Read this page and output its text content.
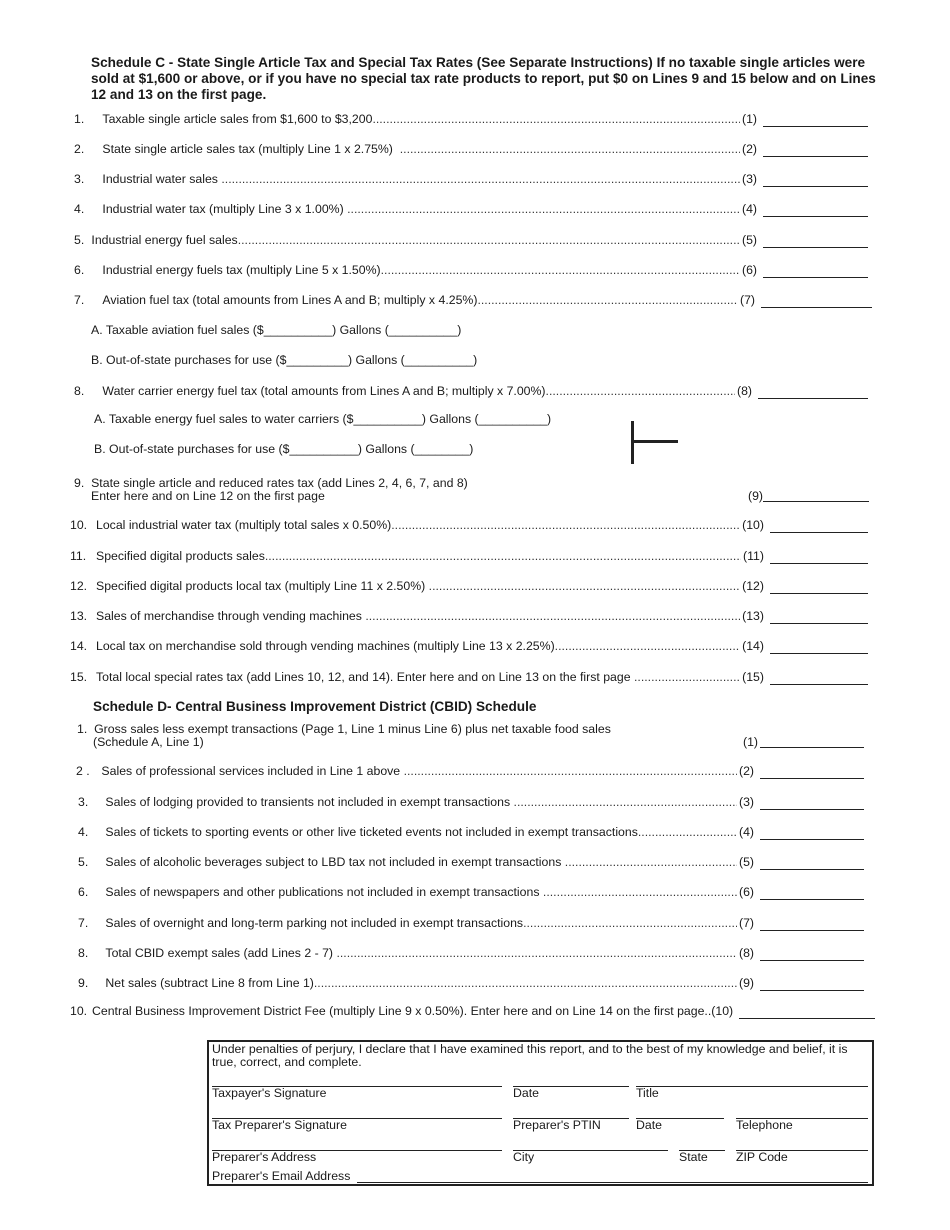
Schedule C - State Single Article Tax and Special Tax Rates (See Separate Instructions) If no taxable single articles were sold at $1,600 or above, or if you have no special tax rate products to report, put $0 on Lines 9 and 15 below and on Lines 12 and 13 on the first page.

1.
	Taxable single article sales from $1,600 to $3,200 .....	(1)
2.
	State single article sales tax (multiply Line 1 x 2.75%)
.....	(2)
3.
	Industrial water sales
.....	(3)
4.
	Industrial water tax (multiply Line 3 x 1.00%)
.....	(4)
5.
Industrial energy fuel sales .....	(5)
6.
	Industrial energy fuels tax (multiply Line 5 x 1.50%) .....	(6)
7.
	Aviation fuel tax (total amounts from Lines A and B; multiply x 4.25%) .....	(7)
A. Taxable aviation fuel sales ($__________) Gallons (__________)
B. Out-of-state purchases for use ($_________) Gallons (__________)
8.
	Water carrier energy fuel tax (total amounts from Lines A and B; multiply x 7.00%) .....	(8)
A. Taxable energy fuel sales to water carriers ($__________) Gallons (__________)
B. Out-of-state purchases for use ($__________) Gallons (________)
9. State single article and reduced rates tax (add Lines 2, 4, 6, 7, and 8)
Enter here and on Line 12 on the first page	(9)
10. Local industrial water tax (multiply total sales x 0.50%) .....	(10)
11. Specified digital products sales .....	(11)
12. Specified digital products local tax (multiply Line 11 x 2.50%)
.....	(12)
13. Sales of merchandise through vending machines
.....	(13)
14. Local tax on merchandise sold through vending machines (multiply Line 13 x 2.25%) .....	(14)
15. Total local special rates tax (add Lines 10, 12, and 14). Enter here and on Line 13 on the first page
.....	(15)

Schedule D- Central Business Improvement District (CBID) Schedule

1. Gross sales less exempt transactions (Page 1, Line 1 minus Line 6) plus net taxable food sales
(Schedule A, Line 1)	(1)
2 .
Sales of professional services included in Line 1 above
.....	(2)
3.
	Sales of lodging provided to transients not included in exempt transactions
.....	(3)
4.
	Sales of tickets to sporting events or other live ticketed events not included in exempt transactions .....	(4)
5.
	Sales of alcoholic beverages subject to LBD tax not included in exempt transactions
.....	(5)
6.
	Sales of newspapers and other publications not included in exempt transactions
.....	(6)
7.
	Sales of overnight and long-term parking not included in exempt transactions .....	(7)
8.
	Total CBID exempt sales (add Lines 2 - 7)
.....	(8)
9.
	Net sales (subtract Line 8 from Line 1) .....	(9)
10. Central Business Improvement District Fee (multiply Line 9 x 0.50%). Enter here and on Line 14 on the first page ..(10)
Under penalties of perjury, I declare that I have examined this report, and to the best of my knowledge and belief, it is true, correct, and complete.
Taxpayer's Signature	Date	Title
Tax Preparer's Signature	Preparer's PTIN	Date	Telephone
Preparer's Address	City	State ZIP Code
Preparer's Email Address
